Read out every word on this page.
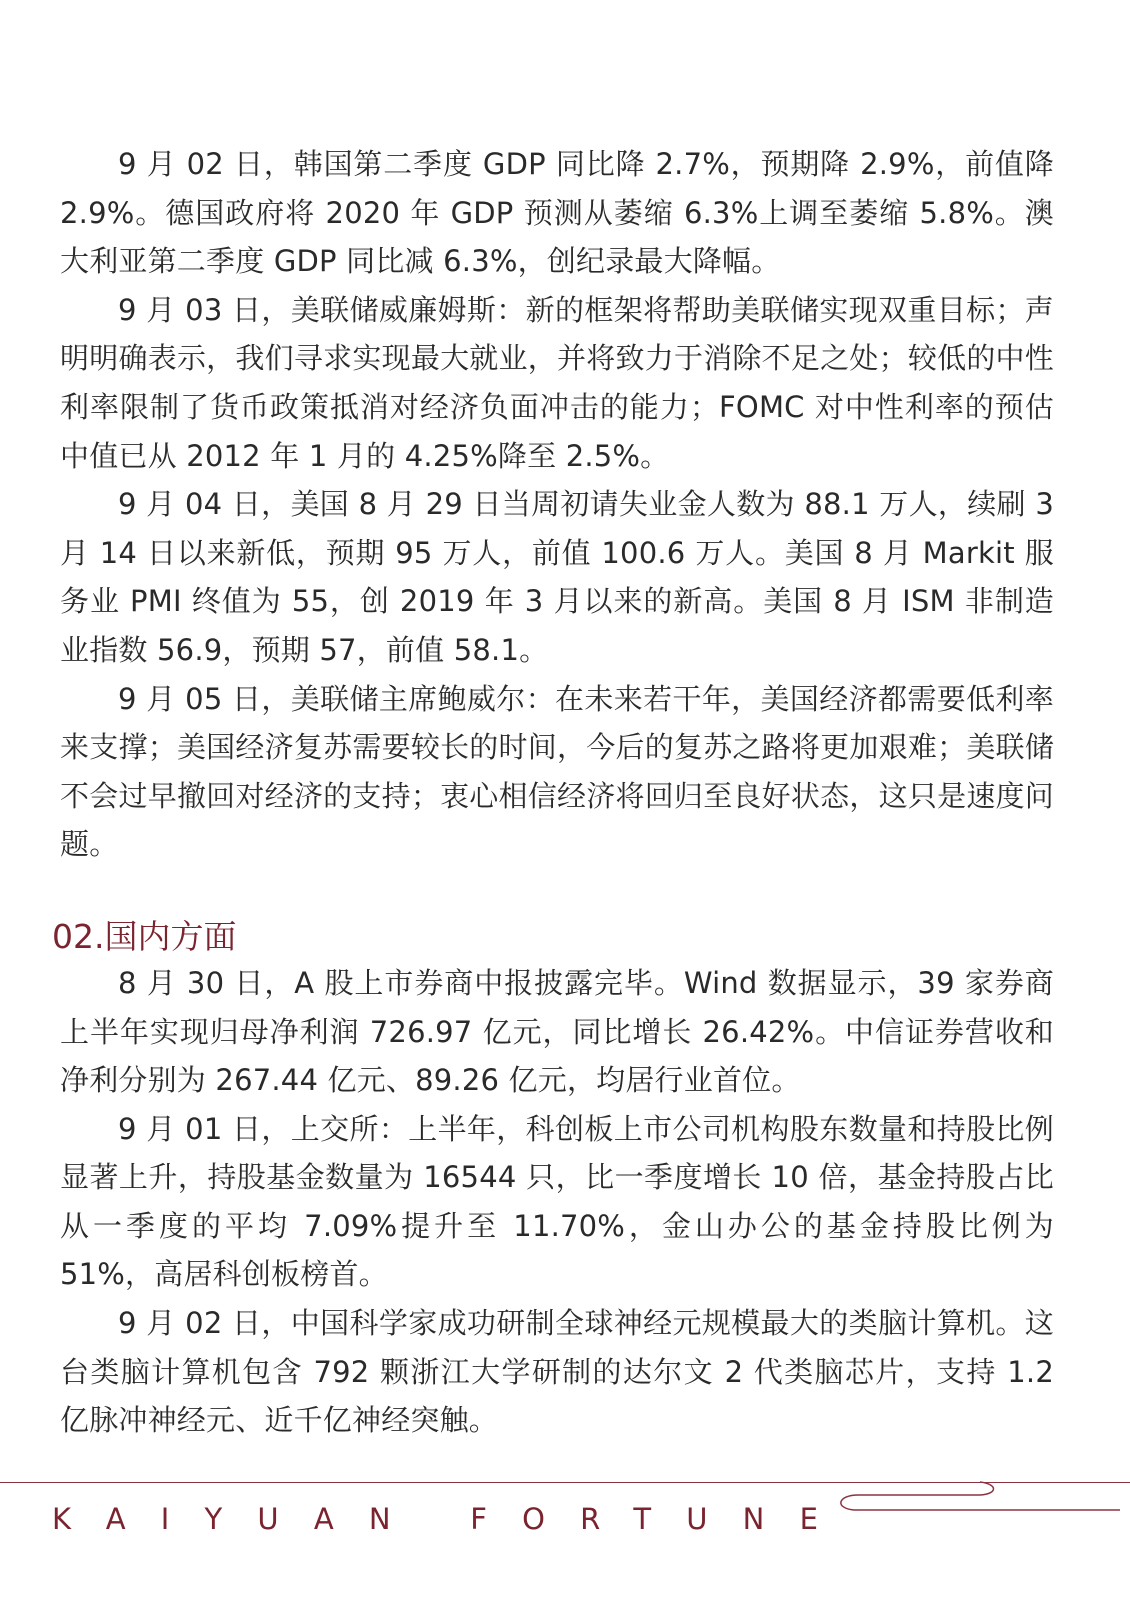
9 月 02 日，韩国第二季度 GDP 同比降 2.7%，预期降 2.9%，前值降 2.9%。德国政府将 2020 年 GDP 预测从萎缩 6.3%上调至萎缩 5.8%。澳大利亚第二季度 GDP 同比减 6.3%，创纪录最大降幅。

9 月 03 日，美联储威廉姆斯：新的框架将帮助美联储实现双重目标；声明明确表示，我们寻求实现最大就业，并将致力于消除不足之处；较低的中性利率限制了货币政策抵消对经济负面冲击的能力；FOMC 对中性利率的预估中值已从 2012 年 1 月的 4.25%降至 2.5%。

9 月 04 日，美国 8 月 29 日当周初请失业金人数为 88.1 万人，续刷 3 月 14 日以来新低，预期 95 万人，前值 100.6 万人。美国 8 月 Markit 服务业 PMI 终值为 55，创 2019 年 3 月以来的新高。美国 8 月 ISM 非制造业指数 56.9，预期 57，前值 58.1。

9 月 05 日，美联储主席鲍威尔：在未来若干年，美国经济都需要低利率来支撑；美国经济复苏需要较长的时间，今后的复苏之路将更加艰难；美联储不会过早撤回对经济的支持；衷心相信经济将回归至良好状态，这只是速度问题。

02.国内方面

8 月 30 日，A 股上市券商中报披露完毕。Wind 数据显示，39 家券商上半年实现归母净利润 726.97 亿元，同比增长 26.42%。中信证券营收和净利分别为 267.44 亿元、89.26 亿元，均居行业首位。

9 月 01 日，上交所：上半年，科创板上市公司机构股东数量和持股比例显著上升，持股基金数量为 16544 只，比一季度增长 10 倍，基金持股占比从一季度的平均 7.09%提升至 11.70%，金山办公的基金持股比例为 51%，高居科创板榜首。

9 月 02 日，中国科学家成功研制全球神经元规模最大的类脑计算机。这台类脑计算机包含 792 颗浙江大学研制的达尔文 2 代类脑芯片，支持 1.2 亿脉冲神经元、近千亿神经突触。

KAIYUAN FORTUNE
